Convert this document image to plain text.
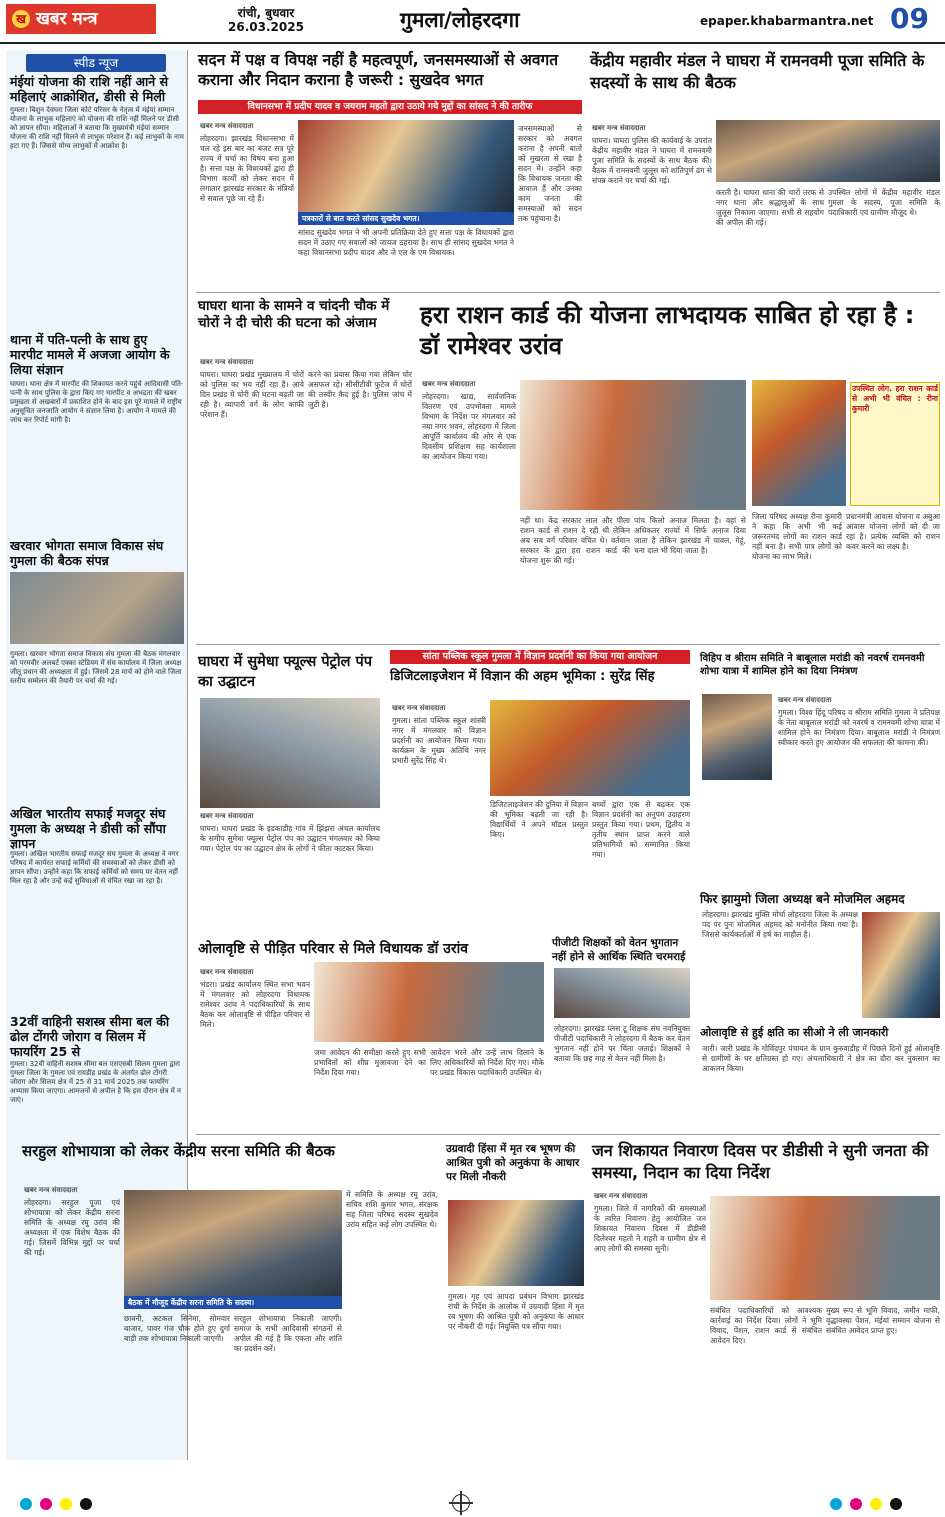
ख खबर मन्त्र	रांची, बुधवार
26.03.2025	गुमला/लोहरदगा	epaper.khabarmantra.net 09
स्पीड न्यूज
मंईयां योजना की राशि नहीं आने से महिलाएं आक्रोशित, डीसी से मिली
गुमला। बिशुन देवघरा जिला कोर्ट परिसर के नेतृत्व में मंईयां सम्मान योजना के लाभुक महिलाएं को योजना की राशि नहीं मिलने पर डीसी को ज्ञापन सौंपा। महिलाओं ने बताया कि मुख्यमंत्री मंईयां सम्मान योजना की राशि नहीं मिलने से लाभुक परेशान हैं। कई लाभुकों के नाम हटा गए हैं। जिससे योग्य लाभुकों में आक्रोश है।
थाना में पति-पत्नी के साथ हुए मारपीट मामले में अजजा आयोग के लिया संज्ञान
घाघरा। थाना क्षेत्र में मारपीट की शिकायत करने पहुंचे आदिवासी पति-पत्नी के साथ पुलिस के द्वारा किए गए मारपीट व अभद्रता की खबर प्रमुखता से अखबारों में प्रकाशित होने के बाद इस पूरे मामले में राष्ट्रीय अनुसूचित जनजाति आयोग ने संज्ञान लिया है। आयोग ने मामले की जांच कर रिपोर्ट मांगी है।
खरवार भोगता समाज विकास संघ गुमला की बैठक संपन्न
गुमला। खरवार भोगता समाज विकास संघ गुमला की बैठक मंगलवार को परमवीर अलबर्ट एक्का स्टेडियम में संघ कार्यालय में जिला अध्यक्ष जीतू प्रधान की अध्यक्षता में हुई। जिसमें 28 मार्च को होने वाले जिला स्तरीय सम्मेलन की तैयारी पर चर्चा की गई।
अखिल भारतीय सफाई मजदूर संघ गुमला के अध्यक्ष ने डीसी को सौंपा ज्ञापन
गुमला। अखिल भारतीय सफाई मजदूर संघ गुमला के अध्यक्ष ने नगर परिषद में कार्यरत सफाई कर्मियों की समस्याओं को लेकर डीसी को ज्ञापन सौंपा। उन्होंने कहा कि सफाई कर्मियों को समय पर वेतन नहीं मिल रहा है और उन्हें कई सुविधाओं से वंचित रखा जा रहा है।
32वीं वाहिनी सशस्त्र सीमा बल की ढोल टोंगरी जोराग व सिलम में फायरिंग 25 से
गुमला। 32वीं वाहिनी सशस्त्र सीमा बल एसएसबी सिलम गुमला द्वारा गुमला जिला के गुमला एवं रायडीह प्रखंड के अंतर्गत ढोल टोंगरी जोराग और सिलम क्षेत्र में 25 से 31 मार्च 2025 तक फायरिंग अभ्यास किया जाएगा। आमजनों से अपील है कि इस दौरान क्षेत्र में न जाएं।
सदन में पक्ष व विपक्ष नहीं है महत्वपूर्ण, जनसमस्याओं से अवगत कराना और निदान कराना है जरूरी : सुखदेव भगत
विधानसभा में प्रदीप यादव व जयराम महतो द्वारा उठाये गये मुद्दों का सांसद ने की तारीफ
खबर मन्त्र संवाददाता
पत्रकारों से बात करते सांसद सुखदेव भगत।
लोहरदगा। झारखंड विधानसभा में चल रहे इस बार का बजट सत्र पूरे राज्य में चर्चा का विषय बना हुआ है। सत्ता पक्ष के विधायकों द्वारा ही विभाग कार्यों को लेकर सदन में लगातार झारखंड सरकार के मंत्रियों से सवाल पूछे जा रहे हैं।
सांसद सुखदेव भगत ने भी अपनी प्रतिक्रिया देते हुए सत्ता पक्ष के विधायकों द्वारा सदन में उठाए गए सवालों को जायज ठहराया है। साथ ही सांसद सुखदेव भगत ने कहा विधानसभा प्रदीप यादव और जे एल के एम विधायक।
जनसमस्याओं से सरकार को अवगत कराना है अपनी बातों को मुखरता से रखा है सदन में। उन्होंने कहा कि विधायक जनता की आवाज हैं और उनका काम जनता की समस्याओं को सदन तक पहुंचाना है।
केंद्रीय महावीर मंडल ने घाघरा में रामनवमी पूजा समिति के सदस्यों के साथ की बैठक
खबर मन्त्र संवाददाता
घाघरा। घाघरा पुलिस की कार्यवाई के उपरांत केंद्रीय महावीर मंडल ने घाघरा में रामनवमी पूजा समिति के सदस्यों के साथ बैठक की। बैठक में रामनवमी जुलूस को शांतिपूर्ण ढंग से संपन्न कराने पर चर्चा की गई।
करती है। घाघरा थाना की चारों तरफ से नगर थाना और श्रद्धालुओं के साथ जुलूस निकाला जाएगा। सभी से सहयोग की अपील की गई।
उपस्थित लोगों में केंद्रीय महावीर मंडल गुमला के सदस्य, पूजा समिति के पदाधिकारी एवं ग्रामीण मौजूद थे।
घाघरा थाना के सामने व चांदनी चौक में चोरों ने दी चोरी की घटना को अंजाम
खबर मन्त्र संवाददाता
घाघरा। घाघरा प्रखंड मुख्यालय में चोरों को पुलिस का भय नहीं रहा है। आये दिन प्रखंड में चोरी की घटना बढ़ती जा रही है। व्यापारी वर्ग के लोग काफी परेशान हैं।
करने का प्रयास किया गया लेकिन चोर असफल रहे। सीसीटीवी फुटेज में चोरों की तस्वीर कैद हुई है। पुलिस जांच में जुटी है।
हरा राशन कार्ड की योजना लाभदायक साबित हो रहा है : डॉ रामेश्वर उरांव
खबर मन्त्र संवाददाता
लोहरदगा। खाद्य, सार्वजनिक वितरण एवं उपभोक्ता मामले विभाग के निर्देश पर मंगलवार को नया नगर भवन, लोहरदगा में जिला आपूर्ति कार्यालय की ओर से एक दिवसीय प्रशिक्षण सह कार्यशाला का आयोजन किया गया।
नहीं था। केंद्र सरकार लाल और पीला राशन कार्ड से राशन दे रही थी लेकिन अब सब वर्ग परिवार वंचित थे। वर्तमान सरकार के द्वारा हरा राशन कार्ड की योजना शुरू की गई।
पांच किलो अनाज मिलता है। वहां से अधिकतर राज्यों में सिर्फ अनाज दिया जाता है लेकिन झारखंड में चावल, गेहूं, चना दाल भी दिया जाता है।
उपस्थित लोग. हरा राशन कार्ड से अभी भी वंचित : रीना कुमारी
जिला परिषद अध्यक्ष रीना कुमारी ने कहा कि अभी भी कई जरूरतमंद लोगों का राशन कार्ड नहीं बना है। सभी पात्र लोगों को योजना का लाभ मिले।
प्रधानमंत्री आवास योजना व अबुआ आवास योजना लोगों को दी जा रहा है। प्रत्येक व्यक्ति को राशन कवर करने का लक्ष्य है।
घाघरा में सुमेधा फ्यूल्स पेट्रोल पंप का उद्घाटन
खबर मन्त्र संवाददाता
घाघरा। घाघरा प्रखंड के इडकाडीह गांव में झिंझरा अंचल कार्यालय के समीप सुमेधा फ्यूल्स पेट्रोल पंप का उद्घाटन मंगलवार को किया गया। पेट्रोल पंप का उद्घाटन क्षेत्र के लोगों ने फीता काटकर किया।
सांता पब्लिक स्कूल गुमला में विज्ञान प्रदर्शनी का किया गया आयोजन
डिजिटलाइजेशन में विज्ञान की अहम भूमिका : सुरेंद्र सिंह
खबर मन्त्र संवाददाता
गुमला। सांता पब्लिक स्कूल शास्त्री नगर में मंगलवार को विज्ञान प्रदर्शनी का आयोजन किया गया। कार्यक्रम के मुख्य अतिथि नगर प्रभारी सुरेंद्र सिंह थे।
डिजिटलाइजेशन की दुनिया में विज्ञान की भूमिका बढ़ती जा रही है। विद्यार्थियों ने अपने मॉडल प्रस्तुत किए।
बच्चों द्वारा एक से बढ़कर एक विज्ञान प्रदर्शनी का अनुपम उदाहरण प्रस्तुत किया गया। प्रथम, द्वितीय व तृतीय स्थान प्राप्त करने वाले प्रतिभागियों को सम्मानित किया गया।
विहिप व श्रीराम समिति ने बाबूलाल मरांडी को नवरर्ष रामनवमी शोभा यात्रा में शामिल होने का दिया निमंत्रण
खबर मन्त्र संवाददाता
गुमला। विश्व हिंदू परिषद व श्रीराम समिति गुमला ने प्रतिपक्ष के नेता बाबूलाल मरांडी को नवरर्ष व रामनवमी शोभा यात्रा में शामिल होने का निमंत्रण दिया। बाबूलाल मरांडी ने निमंत्रण स्वीकार करते हुए आयोजन की सफलता की कामना की।
फिर झामुमो जिला अध्यक्ष बने मोजमिल अहमद
लोहरदगा। झारखंड मुक्ति मोर्चा लोहरदगा जिला के अध्यक्ष पद पर पुनः मोजमिल अहमद को मनोनीत किया गया है। जिससे कार्यकर्ताओं में हर्ष का माहौल है।
ओलावृष्टि से हुई क्षति का सीओ ने ली जानकारी
जारी। जारी प्रखंड के गोविंदपुर पंचायत के ग्राम कुरुवाडीह में पिछले दिनों हुई ओलावृष्टि से ग्रामीणों के घर क्षतिग्रस्त हो गए। अंचलाधिकारी ने क्षेत्र का दौरा कर नुकसान का आकलन किया।
ओलावृष्टि से पीड़ित परिवार से मिले विधायक डॉ उरांव
खबर मन्त्र संवाददाता
भंडरा। प्रखंड कार्यालय स्थित सभा भवन में मंगलवार को लोहरदगा विधायक रामेश्वर उरांव ने पदाधिकारियों के साथ बैठक कर ओलावृष्टि से पीड़ित परिवार से मिले।
जमा आवेदन की समीक्षा करते हुए सभी प्रभावितों को शीघ्र मुआवजा देने का निर्देश दिया गया।
आवेदन भरने और उन्हें लाभ दिलाने के लिए अधिकारियों को निर्देश दिए गए। मौके पर प्रखंड विकास पदाधिकारी उपस्थित थे।
पीजीटी शिक्षकों को वेतन भुगतान नहीं होने से आर्थिक स्थिति चरमराई
लोहरदगा। झारखंड प्लस टू शिक्षक संघ नवनियुक्त पीजीटी पदाधिकारी ने लोहरदगा में बैठक कर वेतन भुगतान नहीं होने पर चिंता जताई। शिक्षकों ने बताया कि छह माह से वेतन नहीं मिला है।
सरहुल शोभायात्रा को लेकर केंद्रीय सरना समिति की बैठक
खबर मन्त्र संवाददाता
लोहरदगा। सरहुल पूजा एवं शोभायात्रा को लेकर केंद्रीय सरना समिति के अध्यक्ष रघु उरांव की अध्यक्षता में एक विशेष बैठक की गई। जिसमें विभिन्न मुद्दों पर चर्चा की गई।
बैठक में मौजूद केंद्रीय सरना समिति के सदस्य।
छावनी, अटकल सिनेमा, सोमवार बाजार, पावर गंज चौक होते हुए दुर्गा बाड़ी तक शोभायात्रा निकाली जाएगी।
सरहुल शोभायात्रा निकाली जाएगी। समाज के सभी आदिवासी संगठनों से अपील की गई है कि एकता और शांति का प्रदर्शन करें।
में समिति के अध्यक्ष रघु उरांव, सचिव शशि कुमार भगत, संरक्षक सह जिला परिषद सदस्य सुखदेव उरांव सहित कई लोग उपस्थित थे।
उग्रवादी हिंसा में मृत रब भूषण की आश्रित पुत्री को अनुकंपा के आधार पर मिली नौकरी
गुमला। गृह एवं आपदा प्रबंधन विभाग झारखंड रांची के निर्देश के आलोक में उग्रवादी हिंसा में मृत रब भूषण की आश्रित पुत्री को अनुकंपा के आधार पर नौकरी दी गई। नियुक्ति पत्र सौंपा गया।
जन शिकायत निवारण दिवस पर डीडीसी ने सुनी जनता की समस्या, निदान का दिया निर्देश
खबर मन्त्र संवाददाता
गुमला। जिले में नागरिकों की समस्याओं के त्वरित निवारण हेतु आयोजित जन शिकायत निवारण दिवस में डीडीसी दिलेश्वर महतो ने शहरी व ग्रामीण क्षेत्र से आए लोगों की समस्या सुनी।
संबंधित पदाधिकारियों को आवश्यक कार्रवाई का निर्देश दिया। लोगों ने भूमि विवाद, पेंशन, राशन कार्ड से संबंधित आवेदन दिए।
मुख्य रूप से भूमि विवाद, जमीन माफी, वृद्धावस्था पेंशन, मंईयां सम्मान योजना से संबंधित आवेदन प्राप्त हुए।
